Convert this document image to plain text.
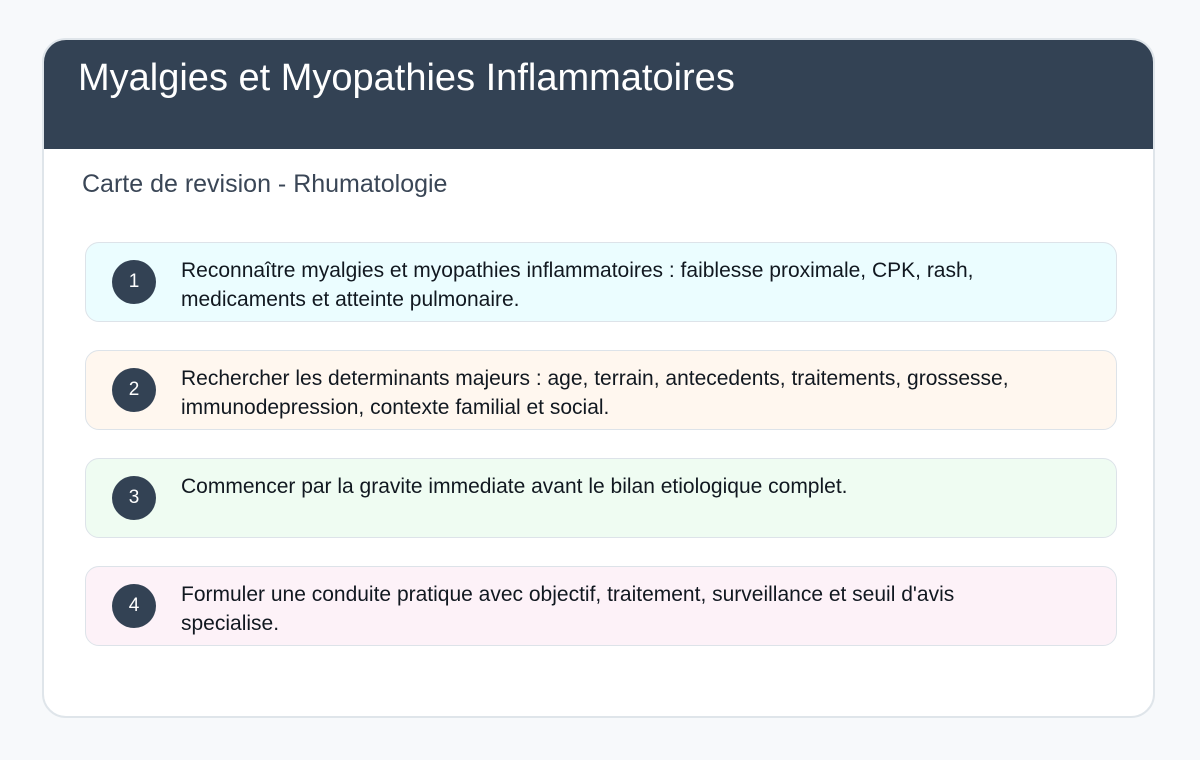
Myalgies et Myopathies Inflammatoires
Carte de revision - Rhumatologie
1	Reconnaître myalgies et myopathies inflammatoires : faiblesse proximale, CPK, rash, medicaments et atteinte pulmonaire.
2	Rechercher les determinants majeurs : age, terrain, antecedents, traitements, grossesse, immunodepression, contexte familial et social.
3	Commencer par la gravite immediate avant le bilan etiologique complet.
4	Formuler une conduite pratique avec objectif, traitement, surveillance et seuil d'avis specialise.
